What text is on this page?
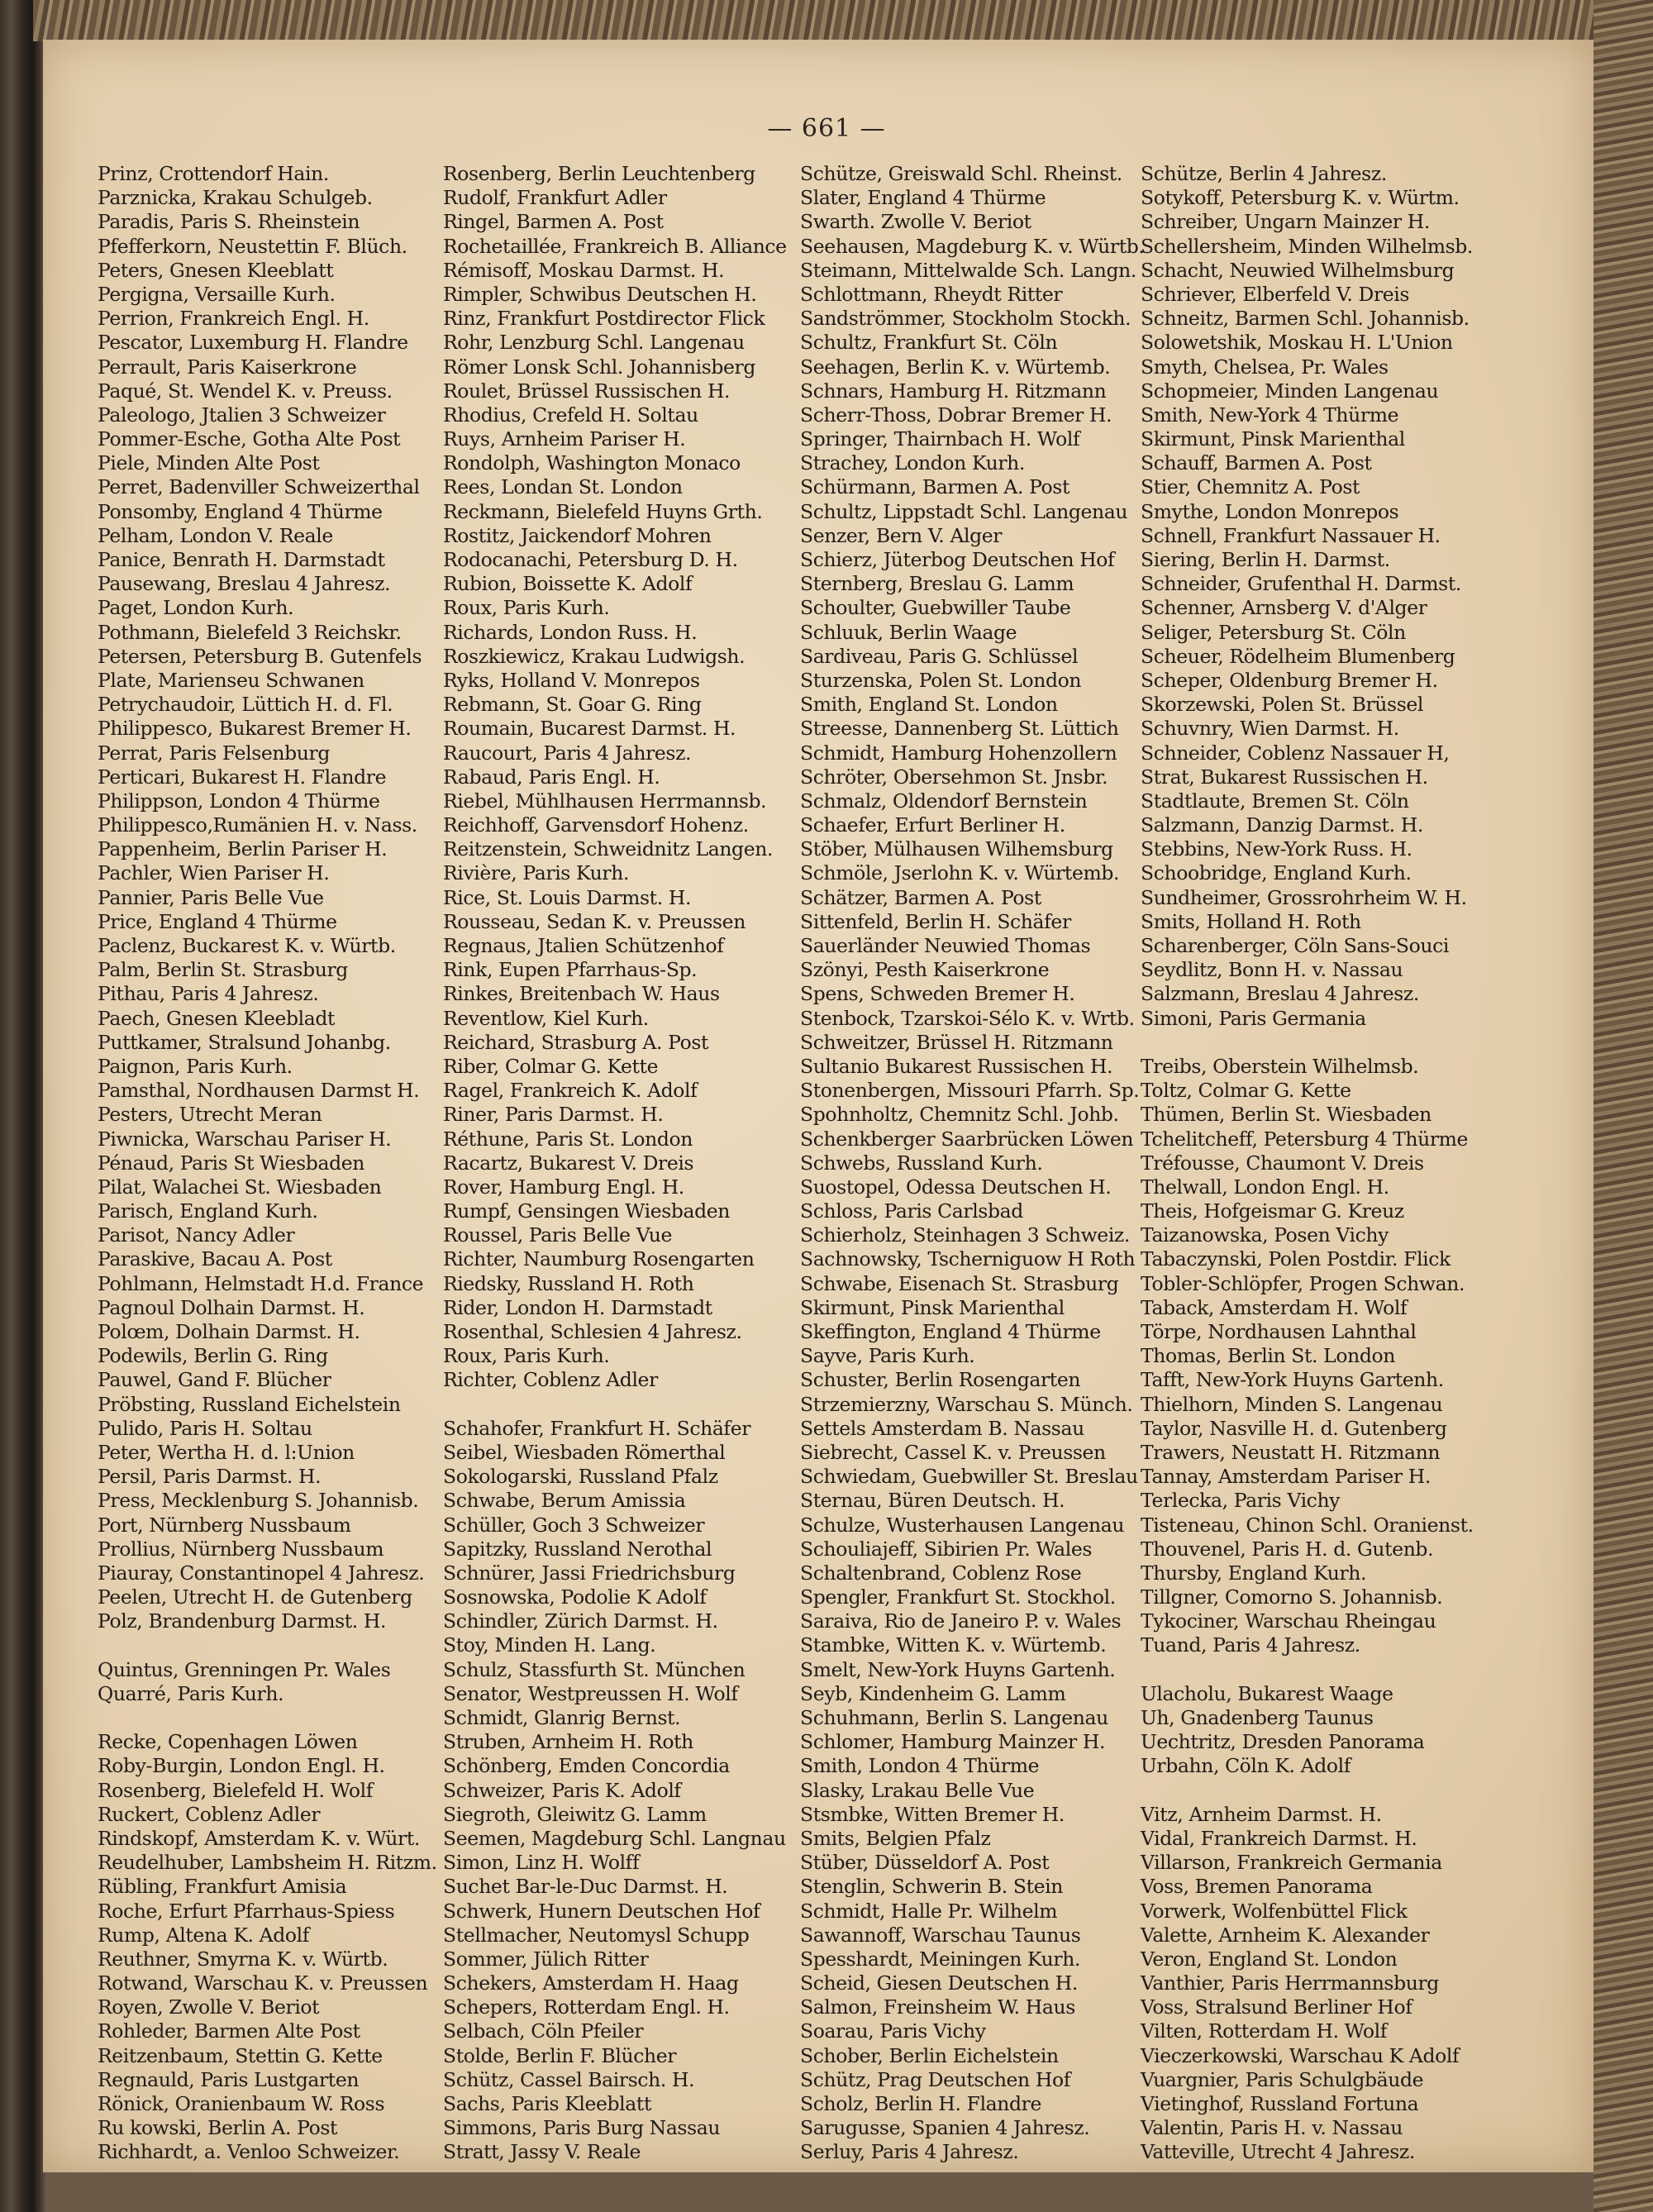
— 661 —
Prinz, Crottendorf Hain.
Parznicka, Krakau Schulgeb.
Paradis, Paris S. Rheinstein
Pfefferkorn, Neustettin F. Blüch.
Peters, Gnesen Kleeblatt
Pergigna, Versaille Kurh.
Perrion, Frankreich Engl. H.
Pescator, Luxemburg H. Flandre
Perrault, Paris Kaiserkrone
Paqué, St. Wendel K. v. Preuss.
Paleologo, Jtalien 3 Schweizer
Pommer-Esche, Gotha Alte Post
Piele, Minden Alte Post
Perret, Badenviller Schweizerthal
Ponsomby, England 4 Thürme
Pelham, London V. Reale
Panice, Benrath H. Darmstadt
Pausewang, Breslau 4 Jahresz.
Paget, London Kurh.
Pothmann, Bielefeld 3 Reichskr.
Petersen, Petersburg B. Gutenfels
Plate, Marienseu Schwanen
Petrychaudoir, Lüttich H. d. Fl.
Philippesco, Bukarest Bremer H.
Perrat, Paris Felsenburg
Perticari, Bukarest H. Flandre
Philippson, London 4 Thürme
Philippesco,Rumänien H. v. Nass.
Pappenheim, Berlin Pariser H.
Pachler, Wien Pariser H.
Pannier, Paris Belle Vue
Price, England 4 Thürme
Paclenz, Buckarest K. v. Würtb.
Palm, Berlin St. Strasburg
Pithau, Paris 4 Jahresz.
Paech, Gnesen Kleebladt
Puttkamer, Stralsund Johanbg.
Paignon, Paris Kurh.
Pamsthal, Nordhausen Darmst H.
Pesters, Utrecht Meran
Piwnicka, Warschau Pariser H.
Pénaud, Paris St Wiesbaden
Pilat, Walachei St. Wiesbaden
Parisch, England Kurh.
Parisot, Nancy Adler
Paraskive, Bacau A. Post
Pohlmann, Helmstadt H.d. France
Pagnoul Dolhain Darmst. H.
Polœm, Dolhain Darmst. H.
Podewils, Berlin G. Ring
Pauwel, Gand F. Blücher
Pröbsting, Russland Eichelstein
Pulido, Paris H. Soltau
Peter, Wertha H. d. l:Union
Persil, Paris Darmst. H.
Press, Mecklenburg S. Johannisb.
Port, Nürnberg Nussbaum
Prollius, Nürnberg Nussbaum
Piauray, Constantinopel 4 Jahresz.
Peelen, Utrecht H. de Gutenberg
Polz, Brandenburg Darmst. H.
Quintus, Grenningen Pr. Wales
Quarré, Paris Kurh.
Recke, Copenhagen Löwen
Roby-Burgin, London Engl. H.
Rosenberg, Bielefeld H. Wolf
Ruckert, Coblenz Adler
Rindskopf, Amsterdam K. v. Würt.
Reudelhuber, Lambsheim H. Ritzm.
Rübling, Frankfurt Amisia
Roche, Erfurt Pfarrhaus-Spiess
Rump, Altena K. Adolf
Reuthner, Smyrna K. v. Würtb.
Rotwand, Warschau K. v. Preussen
Royen, Zwolle V. Beriot
Rohleder, Barmen Alte Post
Reitzenbaum, Stettin G. Kette
Regnauld, Paris Lustgarten
Rönick, Oranienbaum W. Ross
Ru kowski, Berlin A. Post
Richhardt, a. Venloo Schweizer.
Rosenberg, Berlin Leuchtenberg
Rudolf, Frankfurt Adler
Ringel, Barmen A. Post
Rochetaillée, Frankreich B. Alliance
Rémisoff, Moskau Darmst. H.
Rimpler, Schwibus Deutschen H.
Rinz, Frankfurt Postdirector Flick
Rohr, Lenzburg Schl. Langenau
Römer Lonsk Schl. Johannisberg
Roulet, Brüssel Russischen H.
Rhodius, Crefeld H. Soltau
Ruys, Arnheim Pariser H.
Rondolph, Washington Monaco
Rees, Londan St. London
Reckmann, Bielefeld Huyns Grth.
Rostitz, Jaickendorf Mohren
Rodocanachi, Petersburg D. H.
Rubion, Boissette K. Adolf
Roux, Paris Kurh.
Richards, London Russ. H.
Roszkiewicz, Krakau Ludwigsh.
Ryks, Holland V. Monrepos
Rebmann, St. Goar G. Ring
Roumain, Bucarest Darmst. H.
Raucourt, Paris 4 Jahresz.
Rabaud, Paris Engl. H.
Riebel, Mühlhausen Herrmannsb.
Reichhoff, Garvensdorf Hohenz.
Reitzenstein, Schweidnitz Langen.
Rivière, Paris Kurh.
Rice, St. Louis Darmst. H.
Rousseau, Sedan K. v. Preussen
Regnaus, Jtalien Schützenhof
Rink, Eupen Pfarrhaus-Sp.
Rinkes, Breitenbach W. Haus
Reventlow, Kiel Kurh.
Reichard, Strasburg A. Post
Riber, Colmar G. Kette
Ragel, Frankreich K. Adolf
Riner, Paris Darmst. H.
Réthune, Paris St. London
Racartz, Bukarest V. Dreis
Rover, Hamburg Engl. H.
Rumpf, Gensingen Wiesbaden
Roussel, Paris Belle Vue
Richter, Naumburg Rosengarten
Riedsky, Russland H. Roth
Rider, London H. Darmstadt
Rosenthal, Schlesien 4 Jahresz.
Roux, Paris Kurh.
Richter, Coblenz Adler
Schahofer, Frankfurt H. Schäfer
Seibel, Wiesbaden Römerthal
Sokologarski, Russland Pfalz
Schwabe, Berum Amissia
Schüller, Goch 3 Schweizer
Sapitzky, Russland Nerothal
Schnürer, Jassi Friedrichsburg
Sosnowska, Podolie K Adolf
Schindler, Zürich Darmst. H.
Stoy, Minden H. Lang.
Schulz, Stassfurth St. München
Senator, Westpreussen H. Wolf
Schmidt, Glanrig Bernst.
Struben, Arnheim H. Roth
Schönberg, Emden Concordia
Schweizer, Paris K. Adolf
Siegroth, Gleiwitz G. Lamm
Seemen, Magdeburg Schl. Langnau
Simon, Linz H. Wolff
Suchet Bar-le-Duc Darmst. H.
Schwerk, Hunern Deutschen Hof
Stellmacher, Neutomysl Schupp
Sommer, Jülich Ritter
Schekers, Amsterdam H. Haag
Schepers, Rotterdam Engl. H.
Selbach, Cöln Pfeiler
Stolde, Berlin F. Blücher
Schütz, Cassel Bairsch. H.
Sachs, Paris Kleeblatt
Simmons, Paris Burg Nassau
Stratt, Jassy V. Reale
Schütze, Greiswald Schl. Rheinst.
Slater, England 4 Thürme
Swarth. Zwolle V. Beriot
Seehausen, Magdeburg K. v. Würtb.
Steimann, Mittelwalde Sch. Langn.
Schlottmann, Rheydt Ritter
Sandströmmer, Stockholm Stockh.
Schultz, Frankfurt St. Cöln
Seehagen, Berlin K. v. Würtemb.
Schnars, Hamburg H. Ritzmann
Scherr-Thoss, Dobrar Bremer H.
Springer, Thairnbach H. Wolf
Strachey, London Kurh.
Schürmann, Barmen A. Post
Schultz, Lippstadt Schl. Langenau
Senzer, Bern V. Alger
Schierz, Jüterbog Deutschen Hof
Sternberg, Breslau G. Lamm
Schoulter, Guebwiller Taube
Schluuk, Berlin Waage
Sardiveau, Paris G. Schlüssel
Sturzenska, Polen St. London
Smith, England St. London
Streesse, Dannenberg St. Lüttich
Schmidt, Hamburg Hohenzollern
Schröter, Obersehmon St. Jnsbr.
Schmalz, Oldendorf Bernstein
Schaefer, Erfurt Berliner H.
Stöber, Mülhausen Wilhemsburg
Schmöle, Jserlohn K. v. Würtemb.
Schätzer, Barmen A. Post
Sittenfeld, Berlin H. Schäfer
Sauerländer Neuwied Thomas
Szönyi, Pesth Kaiserkrone
Spens, Schweden Bremer H.
Stenbock, Tzarskoi-Sélo K. v. Wrtb.
Schweitzer, Brüssel H. Ritzmann
Sultanio Bukarest Russischen H.
Stonenbergen, Missouri Pfarrh. Sp.
Spohnholtz, Chemnitz Schl. Johb.
Schenkberger Saarbrücken Löwen
Schwebs, Russland Kurh.
Suostopel, Odessa Deutschen H.
Schloss, Paris Carlsbad
Schierholz, Steinhagen 3 Schweiz.
Sachnowsky, Tscherniguow H Roth
Schwabe, Eisenach St. Strasburg
Skirmunt, Pinsk Marienthal
Skeffington, England 4 Thürme
Sayve, Paris Kurh.
Schuster, Berlin Rosengarten
Strzemierzny, Warschau S. Münch.
Settels Amsterdam B. Nassau
Siebrecht, Cassel K. v. Preussen
Schwiedam, Guebwiller St. Breslau
Sternau, Büren Deutsch. H.
Schulze, Wusterhausen Langenau
Schouliajeff, Sibirien Pr. Wales
Schaltenbrand, Coblenz Rose
Spengler, Frankfurt St. Stockhol.
Saraiva, Rio de Janeiro P. v. Wales
Stambke, Witten K. v. Würtemb.
Smelt, New-York Huyns Gartenh.
Seyb, Kindenheim G. Lamm
Schuhmann, Berlin S. Langenau
Schlomer, Hamburg Mainzer H.
Smith, London 4 Thürme
Slasky, Lrakau Belle Vue
Stsmbke, Witten Bremer H.
Smits, Belgien Pfalz
Stüber, Düsseldorf A. Post
Stenglin, Schwerin B. Stein
Schmidt, Halle Pr. Wilhelm
Sawannoff, Warschau Taunus
Spesshardt, Meiningen Kurh.
Scheid, Giesen Deutschen H.
Salmon, Freinsheim W. Haus
Soarau, Paris Vichy
Schober, Berlin Eichelstein
Schütz, Prag Deutschen Hof
Scholz, Berlin H. Flandre
Sarugusse, Spanien 4 Jahresz.
Serluy, Paris 4 Jahresz.
Schütze, Berlin 4 Jahresz.
Sotykoff, Petersburg K. v. Würtm.
Schreiber, Ungarn Mainzer H.
Schellersheim, Minden Wilhelmsb.
Schacht, Neuwied Wilhelmsburg
Schriever, Elberfeld V. Dreis
Schneitz, Barmen Schl. Johannisb.
Solowetshik, Moskau H. L'Union
Smyth, Chelsea, Pr. Wales
Schopmeier, Minden Langenau
Smith, New-York 4 Thürme
Skirmunt, Pinsk Marienthal
Schauff, Barmen A. Post
Stier, Chemnitz A. Post
Smythe, London Monrepos
Schnell, Frankfurt Nassauer H.
Siering, Berlin H. Darmst.
Schneider, Grufenthal H. Darmst.
Schenner, Arnsberg V. d'Alger
Seliger, Petersburg St. Cöln
Scheuer, Rödelheim Blumenberg
Scheper, Oldenburg Bremer H.
Skorzewski, Polen St. Brüssel
Schuvnry, Wien Darmst. H.
Schneider, Coblenz Nassauer H,
Strat, Bukarest Russischen H.
Stadtlaute, Bremen St. Cöln
Salzmann, Danzig Darmst. H.
Stebbins, New-York Russ. H.
Schoobridge, England Kurh.
Sundheimer, Grossrohrheim W. H.
Smits, Holland H. Roth
Scharenberger, Cöln Sans-Souci
Seydlitz, Bonn H. v. Nassau
Salzmann, Breslau 4 Jahresz.
Simoni, Paris Germania
Treibs, Oberstein Wilhelmsb.
Toltz, Colmar G. Kette
Thümen, Berlin St. Wiesbaden
Tchelitcheff, Petersburg 4 Thürme
Tréfousse, Chaumont V. Dreis
Thelwall, London Engl. H.
Theis, Hofgeismar G. Kreuz
Taizanowska, Posen Vichy
Tabaczynski, Polen Postdir. Flick
Tobler-Schlöpfer, Progen Schwan.
Taback, Amsterdam H. Wolf
Törpe, Nordhausen Lahnthal
Thomas, Berlin St. London
Tafft, New-York Huyns Gartenh.
Thielhorn, Minden S. Langenau
Taylor, Nasville H. d. Gutenberg
Trawers, Neustatt H. Ritzmann
Tannay, Amsterdam Pariser H.
Terlecka, Paris Vichy
Tisteneau, Chinon Schl. Oranienst.
Thouvenel, Paris H. d. Gutenb.
Thursby, England Kurh.
Tillgner, Comorno S. Johannisb.
Tykociner, Warschau Rheingau
Tuand, Paris 4 Jahresz.
Ulacholu, Bukarest Waage
Uh, Gnadenberg Taunus
Uechtritz, Dresden Panorama
Urbahn, Cöln K. Adolf
Vitz, Arnheim Darmst. H.
Vidal, Frankreich Darmst. H.
Villarson, Frankreich Germania
Voss, Bremen Panorama
Vorwerk, Wolfenbüttel Flick
Valette, Arnheim K. Alexander
Veron, England St. London
Vanthier, Paris Herrmannsburg
Voss, Stralsund Berliner Hof
Vilten, Rotterdam H. Wolf
Vieczerkowski, Warschau K Adolf
Vuargnier, Paris Schulgbäude
Vietinghof, Russland Fortuna
Valentin, Paris H. v. Nassau
Vatteville, Utrecht 4 Jahresz.
